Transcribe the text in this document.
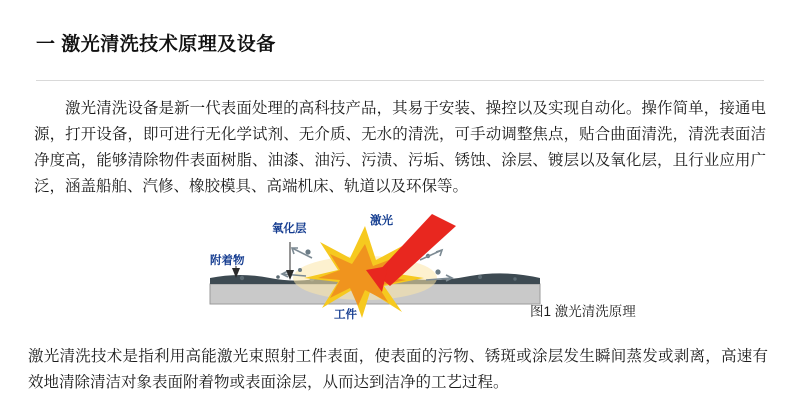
一 激光清洗技术原理及设备
激光清洗设备是新一代表面处理的高科技产品，其易于安装、操控以及实现自动化。操作简单，接通电源，打开设备，即可进行无化学试剂、无介质、无水的清洗，可手动调整焦点，贴合曲面清洗，清洗表面洁净度高，能够清除物件表面树脂、油漆、油污、污渍、污垢、锈蚀、涂层、镀层以及氧化层，且行业应用广泛，涵盖船舶、汽修、橡胶模具、高端机床、轨道以及环保等。
氧化层
激光
附着物
工件	图1 激光清洗原理
激光清洗技术是指利用高能激光束照射工件表面，使表面的污物、锈斑或涂层发生瞬间蒸发或剥离，高速有效地清除清洁对象表面附着物或表面涂层，从而达到洁净的工艺过程。
